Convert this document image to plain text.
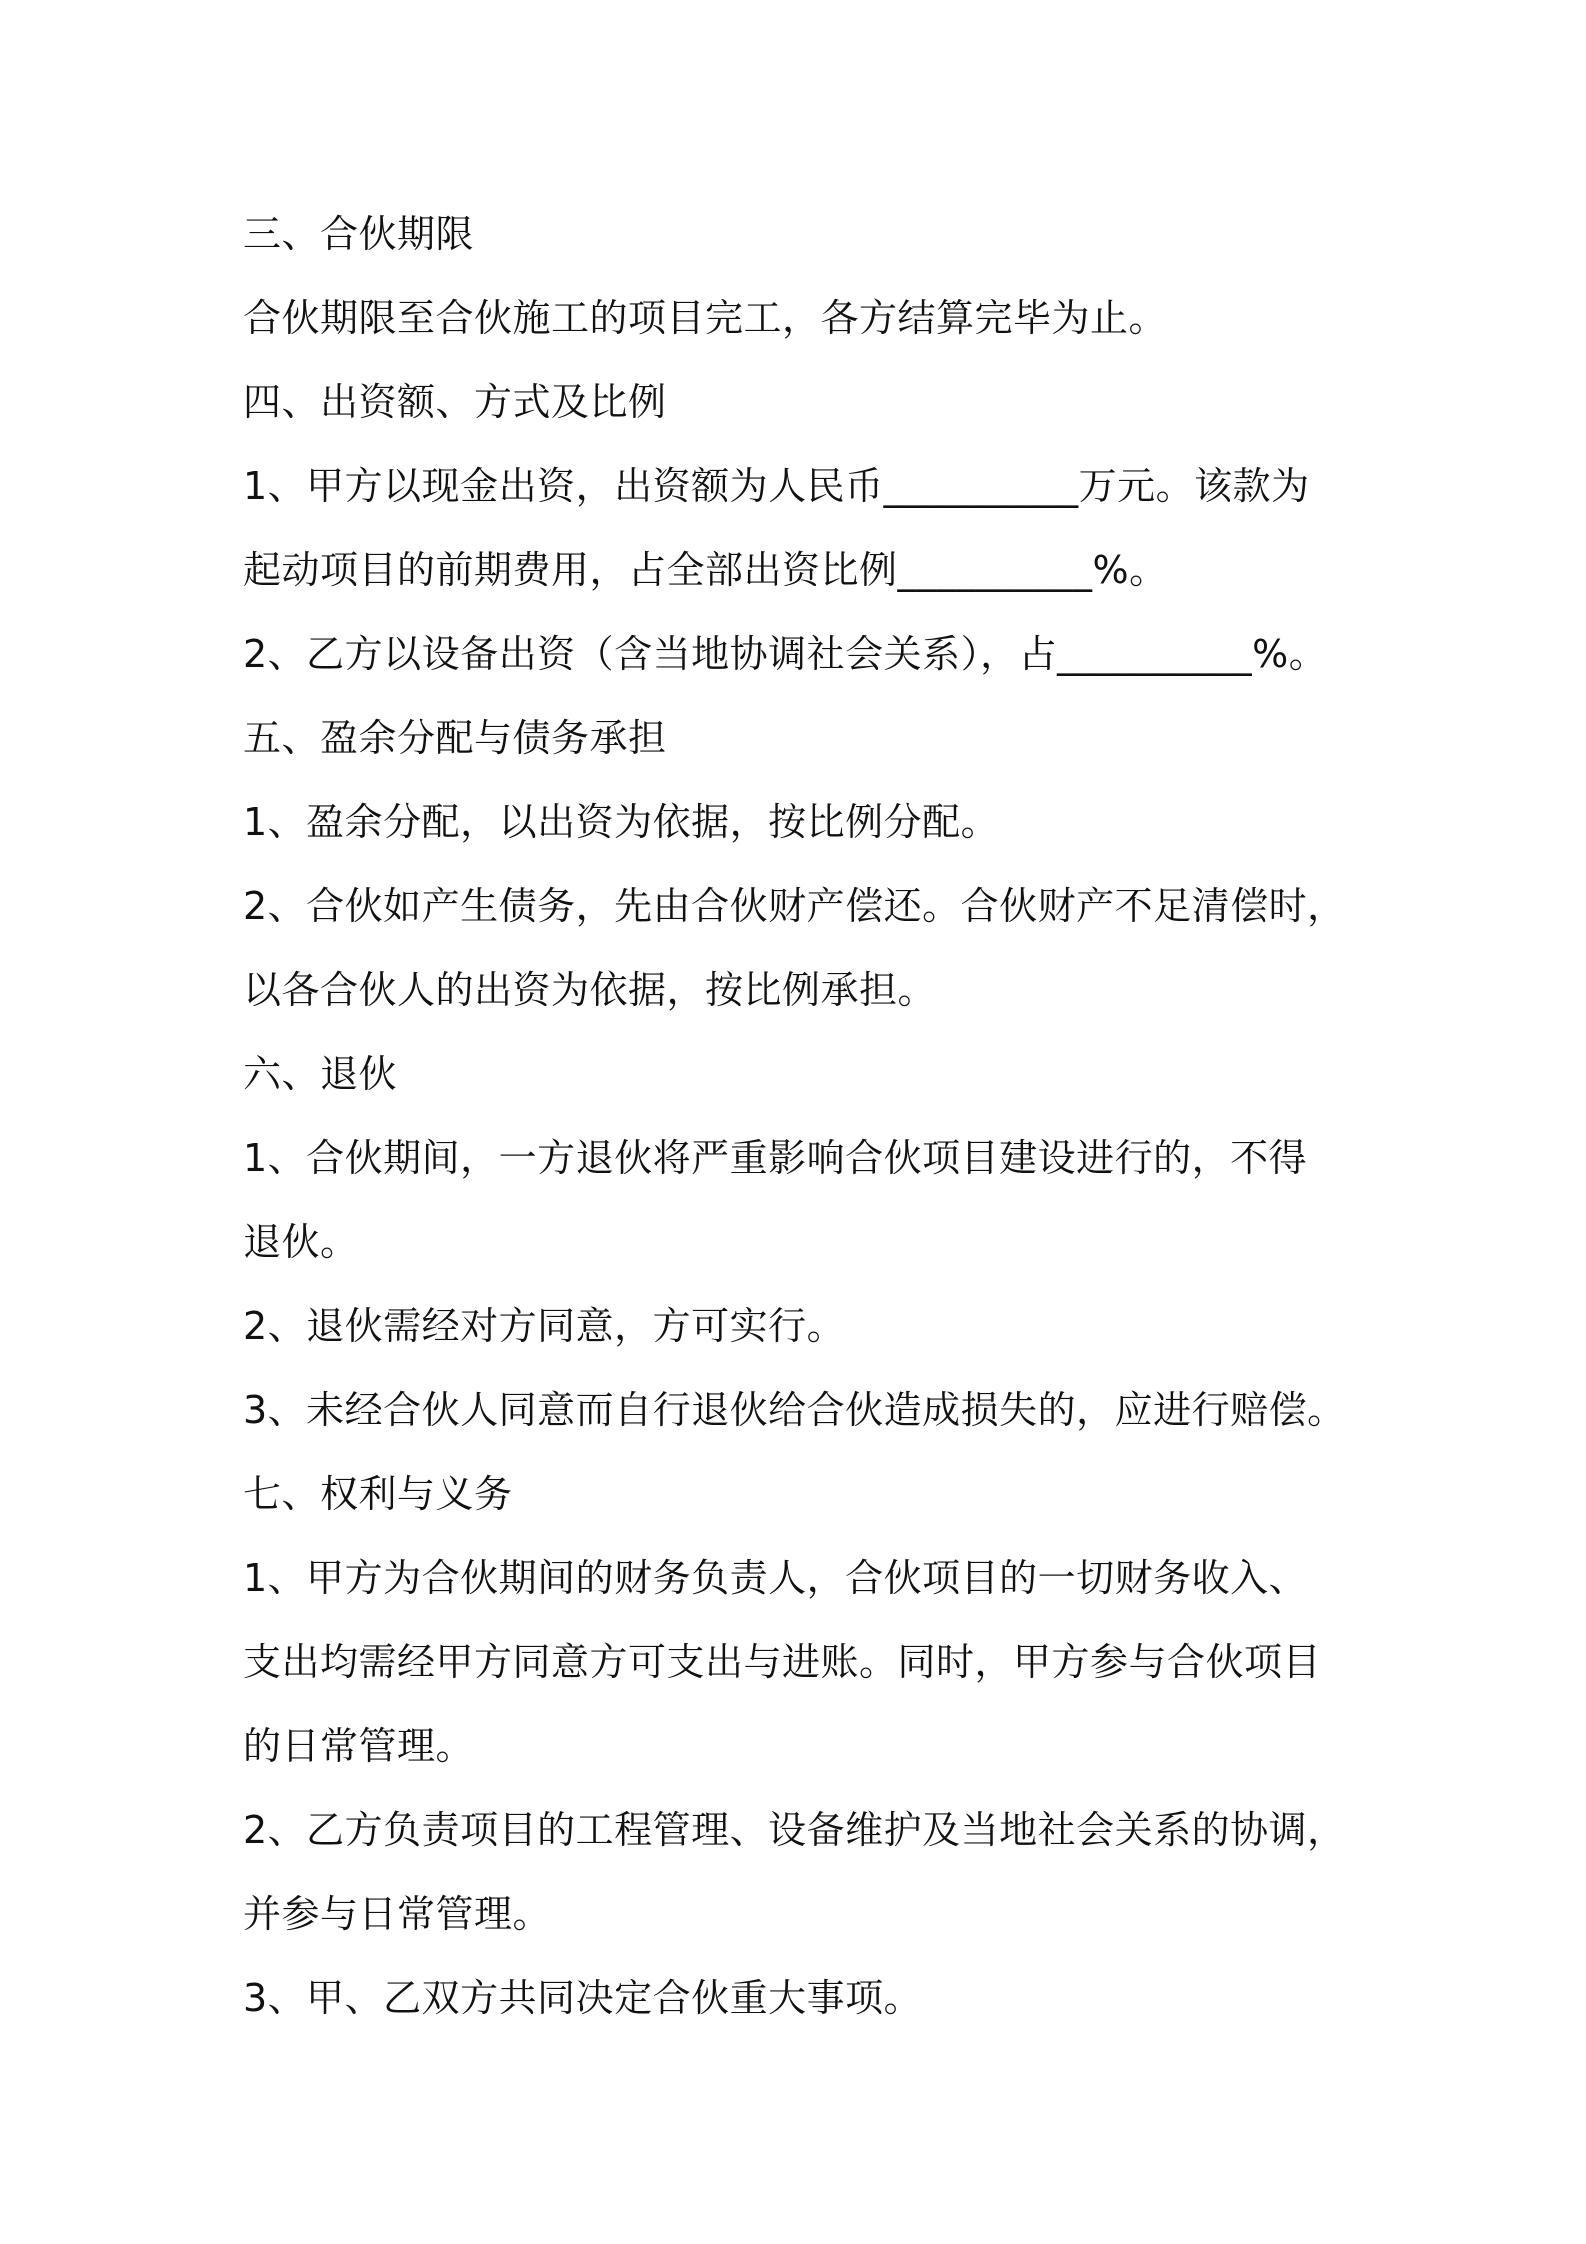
三、合伙期限
合伙期限至合伙施工的项目完工，各方结算完毕为止。
四、出资额、方式及比例
1、甲方以现金出资，出资额为人民币__________万元。该款为
起动项目的前期费用，占全部出资比例__________%。
2、乙方以设备出资（含当地协调社会关系），占__________%。
五、盈余分配与债务承担
1、盈余分配，以出资为依据，按比例分配。
2、合伙如产生债务，先由合伙财产偿还。合伙财产不足清偿时，
以各合伙人的出资为依据，按比例承担。
六、退伙
1、合伙期间，一方退伙将严重影响合伙项目建设进行的，不得
退伙。
2、退伙需经对方同意，方可实行。
3、未经合伙人同意而自行退伙给合伙造成损失的，应进行赔偿。
七、权利与义务
1、甲方为合伙期间的财务负责人，合伙项目的一切财务收入、
支出均需经甲方同意方可支出与进账。同时，甲方参与合伙项目
的日常管理。
2、乙方负责项目的工程管理、设备维护及当地社会关系的协调，
并参与日常管理。
3、甲、乙双方共同决定合伙重大事项。
